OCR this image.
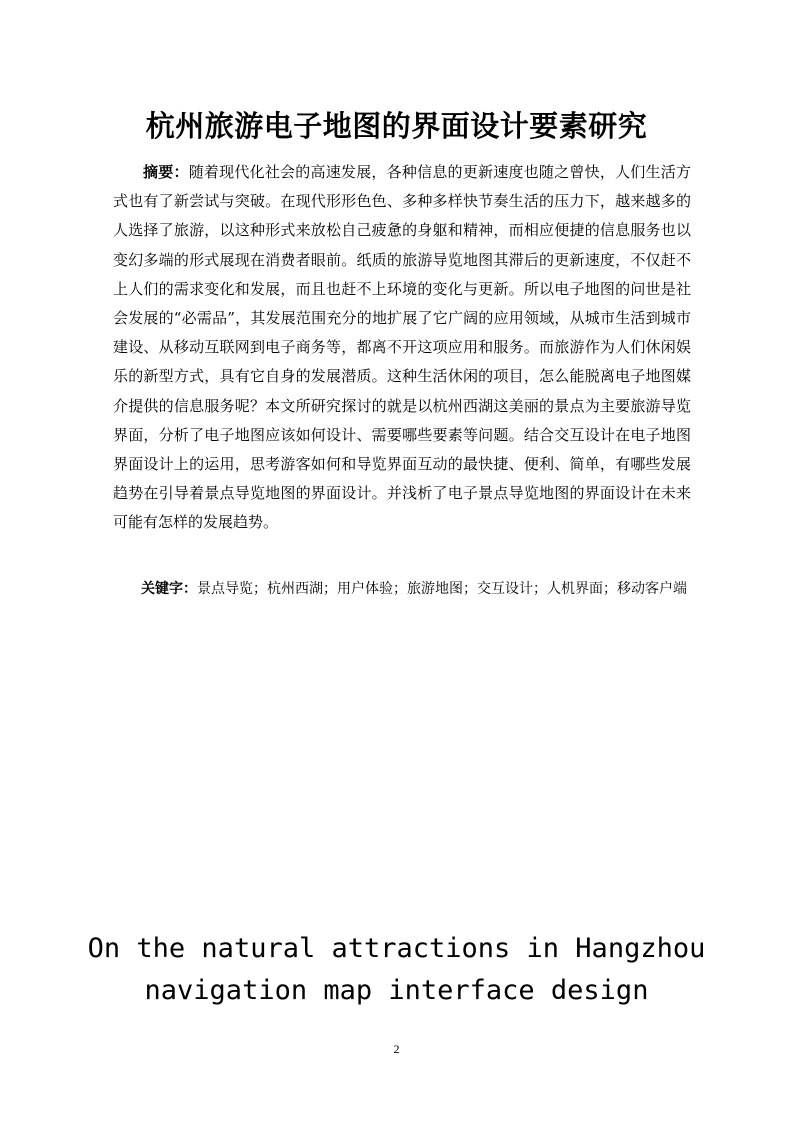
杭州旅游电子地图的界面设计要素研究

摘要：随着现代化社会的高速发展，各种信息的更新速度也随之曾快，人们生活方式也有了新尝试与突破。在现代形形色色、多种多样快节奏生活的压力下，越来越多的人选择了旅游，以这种形式来放松自己疲惫的身躯和精神，而相应便捷的信息服务也以变幻多端的形式展现在消费者眼前。纸质的旅游导览地图其滞后的更新速度，不仅赶不上人们的需求变化和发展，而且也赶不上环境的变化与更新。所以电子地图的问世是社会发展的“必需品”，其发展范围充分的地扩展了它广阔的应用领域，从城市生活到城市建设、从移动互联网到电子商务等，都离不开这项应用和服务。而旅游作为人们休闲娱乐的新型方式，具有它自身的发展潜质。这种生活休闲的项目，怎么能脱离电子地图媒介提供的信息服务呢？本文所研究探讨的就是以杭州西湖这美丽的景点为主要旅游导览界面，分析了电子地图应该如何设计、需要哪些要素等问题。结合交互设计在电子地图界面设计上的运用，思考游客如何和导览界面互动的最快捷、便利、简单，有哪些发展趋势在引导着景点导览地图的界面设计。并浅析了电子景点导览地图的界面设计在未来可能有怎样的发展趋势。

关键字：景点导览；杭州西湖；用户体验；旅游地图；交互设计；人机界面；移动客户端

On the natural attractions in Hangzhou
navigation map interface design
2
